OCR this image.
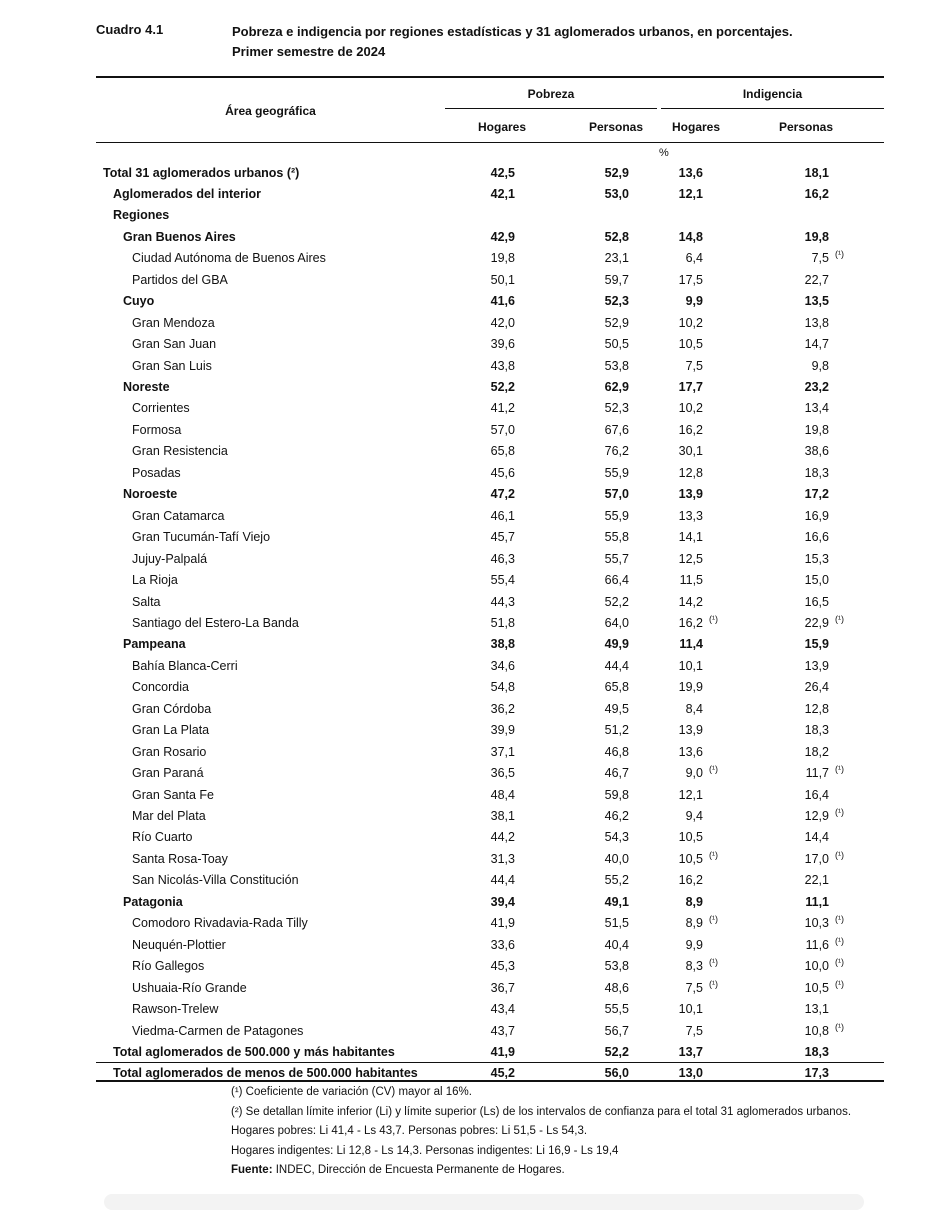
Cuadro 4.1	Pobreza e indigencia por regiones estadísticas y 31 aglomerados urbanos, en porcentajes.
Primer semestre de 2024
Área geográfica
Pobreza	Indigencia
Hogares	Personas Hogares	Personas
%
Total 31 aglomerados urbanos (²)	42,5	52,9	13,6	18,1
Aglomerados del interior	42,1	53,0	12,1	16,2
Regiones
Gran Buenos Aires	42,9	52,8	14,8	19,8
Ciudad Autónoma de Buenos Aires	19,8	23,1	6,4	7,5 (¹)
Partidos del GBA	50,1	59,7	17,5	22,7
Cuyo	41,6	52,3	9,9	13,5
Gran Mendoza	42,0	52,9	10,2	13,8
Gran San Juan	39,6	50,5	10,5	14,7
Gran San Luis	43,8	53,8	7,5	9,8
Noreste	52,2	62,9	17,7	23,2
Corrientes	41,2	52,3	10,2	13,4
Formosa	57,0	67,6	16,2	19,8
Gran Resistencia	65,8	76,2	30,1	38,6
Posadas	45,6	55,9	12,8	18,3
Noroeste	47,2	57,0	13,9	17,2
Gran Catamarca	46,1	55,9	13,3	16,9
Gran Tucumán-Tafí Viejo	45,7	55,8	14,1	16,6
Jujuy-Palpalá	46,3	55,7	12,5	15,3
La Rioja	55,4	66,4	11,5	15,0
Salta	44,3	52,2	14,2	16,5
Santiago del Estero-La Banda	51,8	64,0	16,2 (¹)	22,9 (¹)
Pampeana	38,8	49,9	11,4	15,9
Bahía Blanca-Cerri	34,6	44,4	10,1	13,9
Concordia	54,8	65,8	19,9	26,4
Gran Córdoba	36,2	49,5	8,4	12,8
Gran La Plata	39,9	51,2	13,9	18,3
Gran Rosario	37,1	46,8	13,6	18,2
Gran Paraná	36,5	46,7	9,0 (¹)	11,7 (¹)
Gran Santa Fe	48,4	59,8	12,1	16,4
Mar del Plata	38,1	46,2	9,4	12,9 (¹)
Río Cuarto	44,2	54,3	10,5	14,4
Santa Rosa-Toay	31,3	40,0	10,5 (¹)	17,0 (¹)
San Nicolás-Villa Constitución	44,4	55,2	16,2	22,1
Patagonia	39,4	49,1	8,9	11,1
Comodoro Rivadavia-Rada Tilly	41,9	51,5	8,9 (¹)	10,3 (¹)
Neuquén-Plottier	33,6	40,4	9,9	11,6 (¹)
Río Gallegos	45,3	53,8	8,3 (¹)	10,0 (¹)
Ushuaia-Río Grande	36,7	48,6	7,5 (¹)	10,5 (¹)
Rawson-Trelew	43,4	55,5	10,1	13,1
Viedma-Carmen de Patagones	43,7	56,7	7,5	10,8 (¹)
Total aglomerados de 500.000 y más habitantes	41,9	52,2	13,7	18,3
Total aglomerados de menos de 500.000 habitantes	45,2	56,0	13,0	17,3
(¹) Coeficiente de variación (CV) mayor al 16%.
(²) Se detallan límite inferior (Li) y límite superior (Ls) de los intervalos de confianza para el total 31 aglomerados urbanos.
Hogares pobres: Li 41,4 - Ls 43,7. Personas pobres: Li 51,5 - Ls 54,3.
Hogares indigentes: Li 12,8 - Ls 14,3. Personas indigentes: Li 16,9 - Ls 19,4
Fuente: INDEC, Dirección de Encuesta Permanente de Hogares.
